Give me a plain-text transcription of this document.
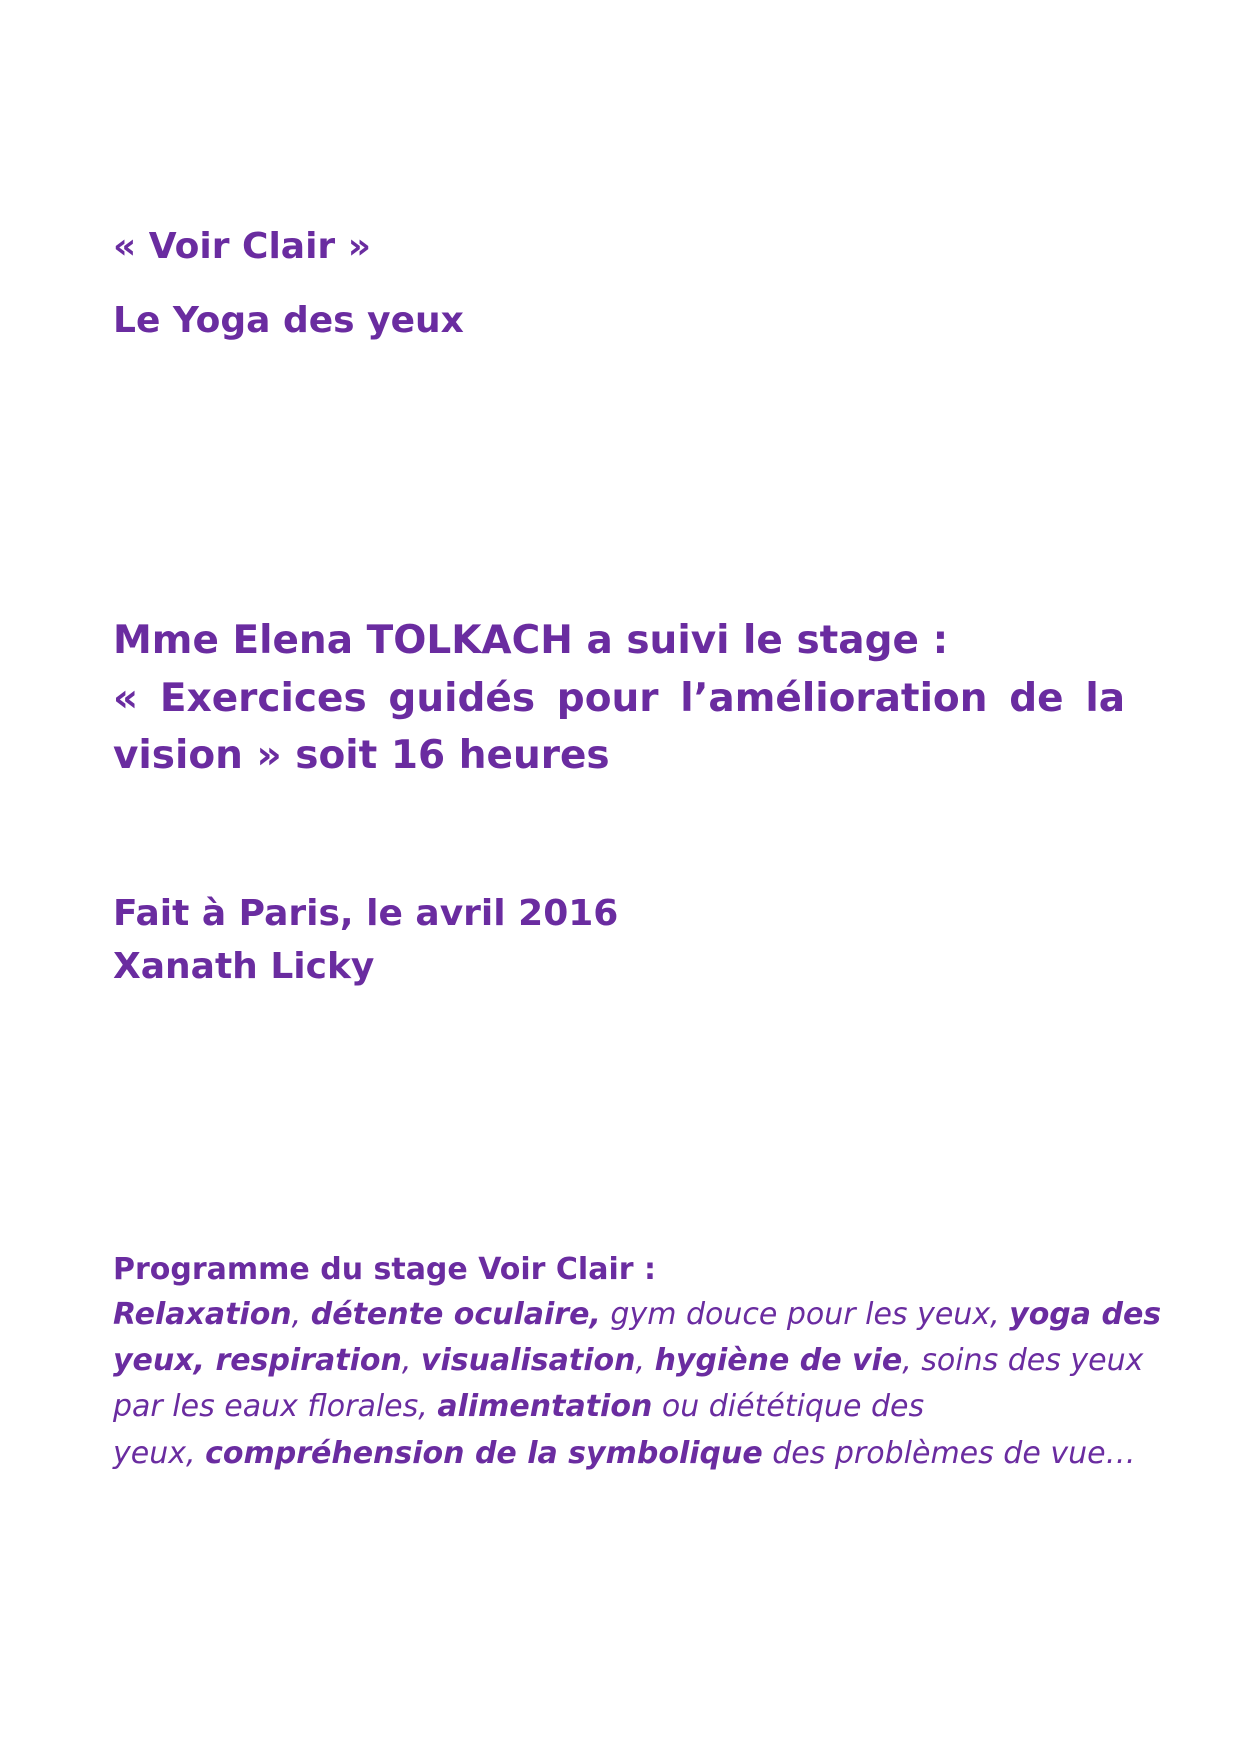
« Voir Clair »
Le Yoga des yeux
Mme Elena TOLKACH a suivi le stage :
« Exercices guidés pour l’amélioration de la
vision » soit 16 heures
Fait à Paris, le avril 2016
Xanath Licky
Programme du stage Voir Clair :
Relaxation, détente oculaire, gym douce pour les yeux, yoga des
yeux, respiration, visualisation, hygiène de vie, soins des yeux
par les eaux florales, alimentation ou diététique des
yeux, compréhension de la symbolique des problèmes de vue…
